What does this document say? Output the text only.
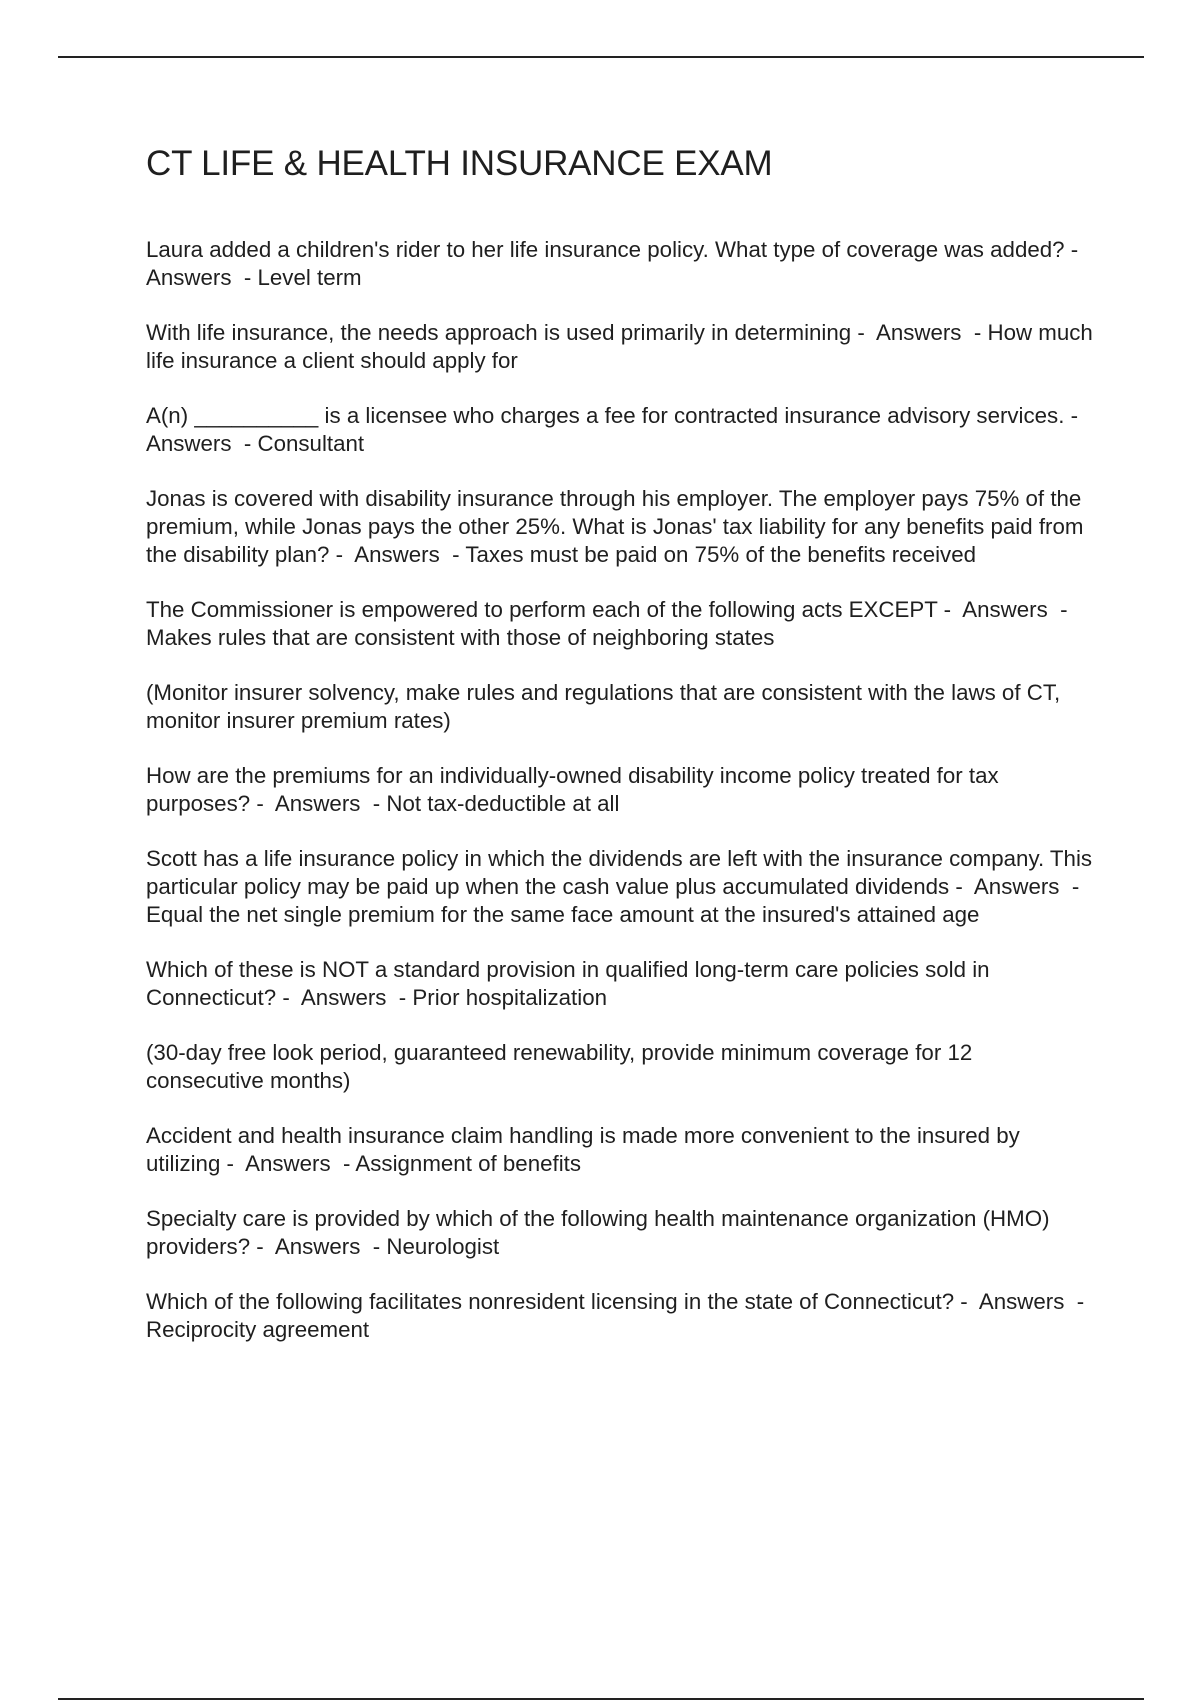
CT LIFE & HEALTH INSURANCE EXAM

Laura added a children's rider to her life insurance policy. What type of coverage was added? -  Answers  - Level term

With life insurance, the needs approach is used primarily in determining -  Answers  - How much life insurance a client should apply for

A(n) __________ is a licensee who charges a fee for contracted insurance advisory services. -  Answers  - Consultant

Jonas is covered with disability insurance through his employer. The employer pays 75% of the premium, while Jonas pays the other 25%. What is Jonas' tax liability for any benefits paid from the disability plan? -  Answers  - Taxes must be paid on 75% of the benefits received

The Commissioner is empowered to perform each of the following acts EXCEPT -  Answers  - Makes rules that are consistent with those of neighboring states

(Monitor insurer solvency, make rules and regulations that are consistent with the laws of CT, monitor insurer premium rates)

How are the premiums for an individually-owned disability income policy treated for tax purposes? -  Answers  - Not tax-deductible at all

Scott has a life insurance policy in which the dividends are left with the insurance company. This particular policy may be paid up when the cash value plus accumulated dividends -  Answers  - Equal the net single premium for the same face amount at the insured's attained age

Which of these is NOT a standard provision in qualified long-term care policies sold in Connecticut? -  Answers  - Prior hospitalization

(30-day free look period, guaranteed renewability, provide minimum coverage for 12 consecutive months)

Accident and health insurance claim handling is made more convenient to the insured by utilizing -  Answers  - Assignment of benefits

Specialty care is provided by which of the following health maintenance organization (HMO) providers? -  Answers  - Neurologist

Which of the following facilitates nonresident licensing in the state of Connecticut? -  Answers  - Reciprocity agreement
